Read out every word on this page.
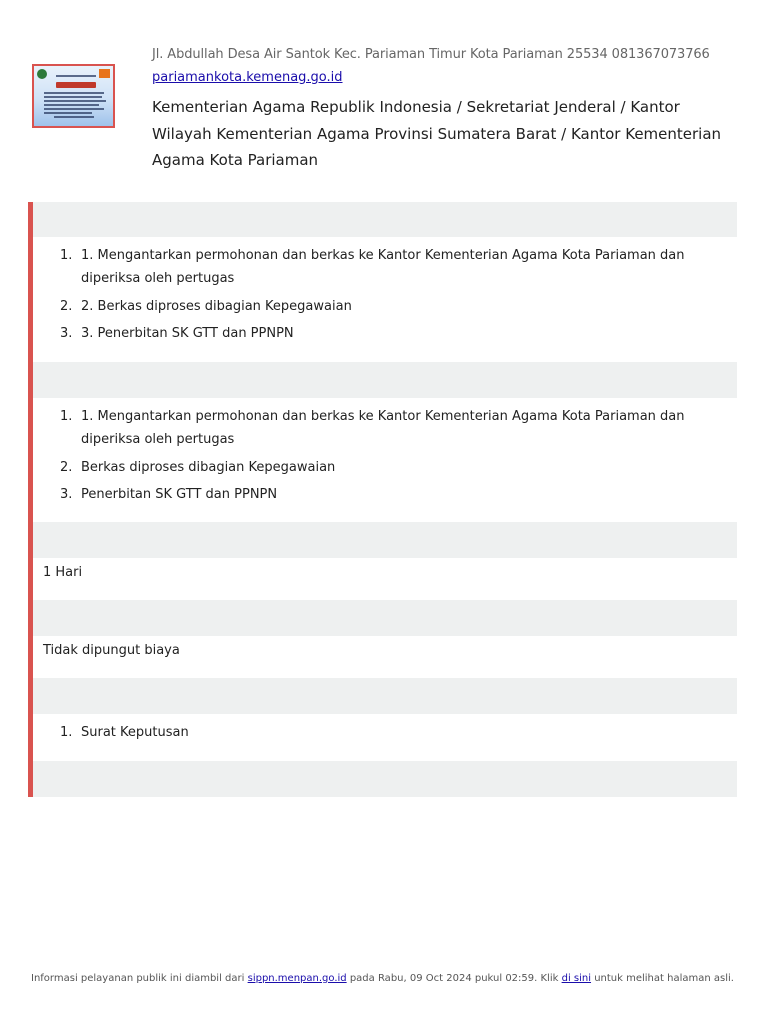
Jl. Abdullah Desa Air Santok Kec. Pariaman Timur Kota Pariaman 25534 081367073766
pariamankota.kemenag.go.id
Kementerian Agama Republik Indonesia / Sekretariat Jenderal / Kantor Wilayah Kementerian Agama Provinsi Sumatera Barat / Kantor Kementerian Agama Kota Pariaman
1. 1. Mengantarkan permohonan dan berkas ke Kantor Kementerian Agama Kota Pariaman dan diperiksa oleh pertugas
2. 2. Berkas diproses dibagian Kepegawaian
3. 3. Penerbitan SK GTT dan PPNPN
1. 1. Mengantarkan permohonan dan berkas ke Kantor Kementerian Agama Kota Pariaman dan diperiksa oleh pertugas
2. Berkas diproses dibagian Kepegawaian
3. Penerbitan SK GTT dan PPNPN
1 Hari
Tidak dipungut biaya
1. Surat Keputusan
Informasi pelayanan publik ini diambil dari sippn.menpan.go.id pada Rabu, 09 Oct 2024 pukul 02:59. Klik di sini untuk melihat halaman asli.
